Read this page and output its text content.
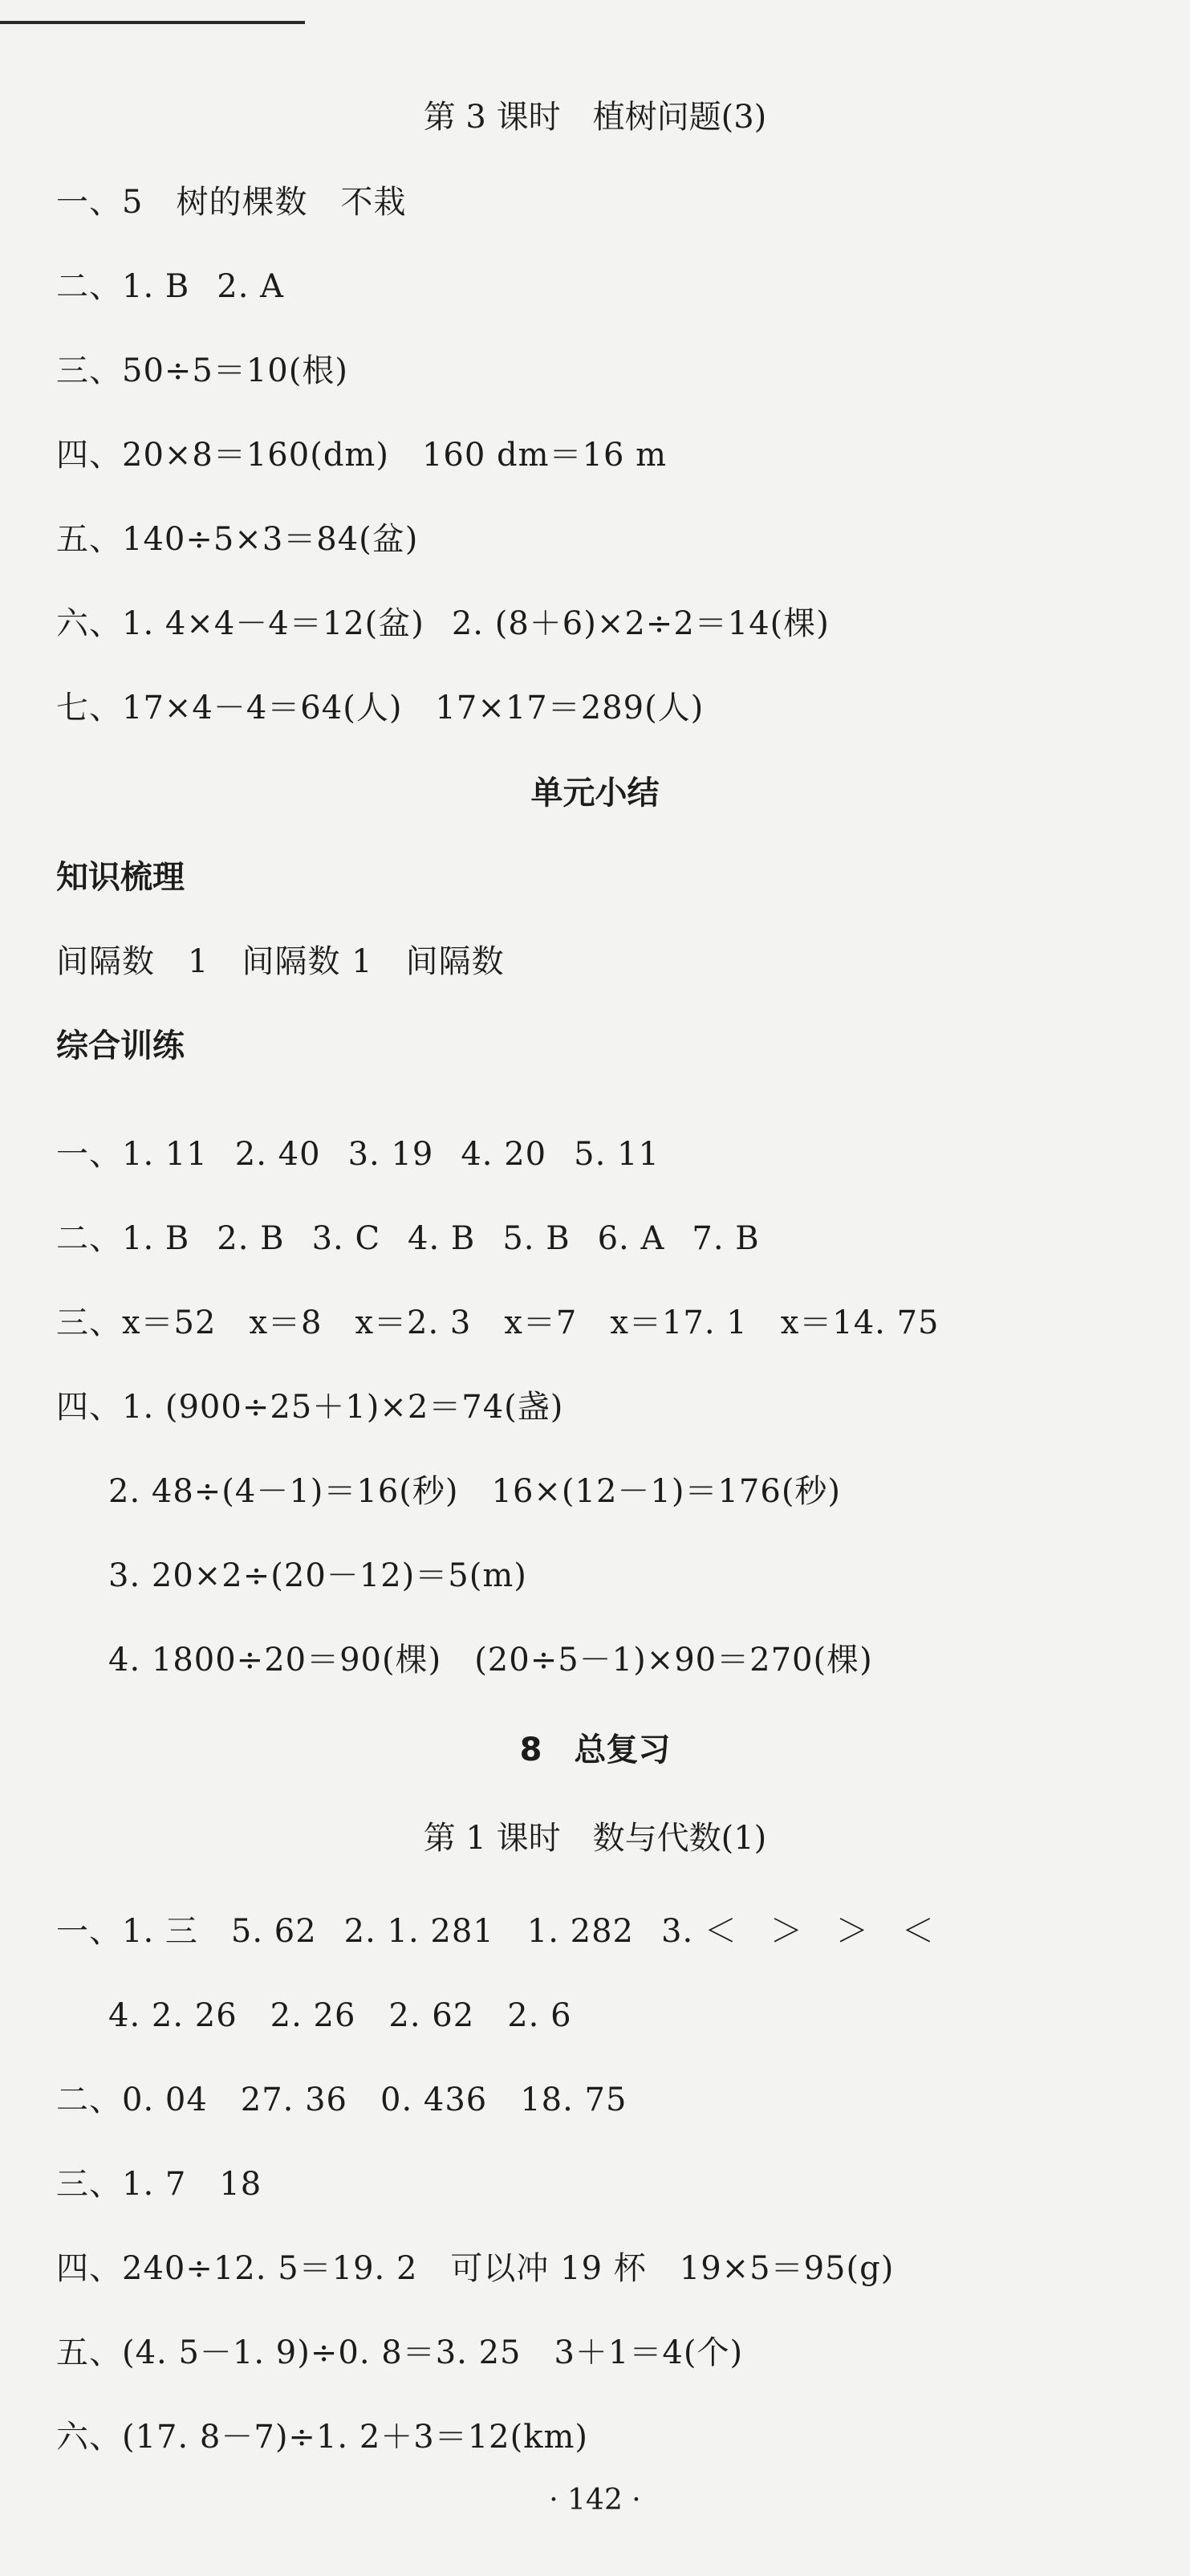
第 3 课时　植树问题(3)
一、5　树的棵数　不栽
二、1. B 2. A
三、50÷5＝10(根)
四、20×8＝160(dm)　160 dm＝16 m
五、140÷5×3＝84(盆)
六、1. 4×4－4＝12(盆) 2. (8＋6)×2÷2＝14(棵)
七、17×4－4＝64(人)　17×17＝289(人)
单元小结
知识梳理
间隔数　1　间隔数 1　间隔数
综合训练
一、1. 11 2. 40 3. 19 4. 20 5. 11
二、1. B 2. B 3. C 4. B 5. B 6. A 7. B
三、x＝52　x＝8　x＝2. 3　x＝7　x＝17. 1　x＝14. 75
四、1. (900÷25＋1)×2＝74(盏)
2. 48÷(4－1)＝16(秒)　16×(12－1)＝176(秒)
3. 20×2÷(20－12)＝5(m)
4. 1800÷20＝90(棵)　(20÷5－1)×90＝270(棵)
8　总复习
第 1 课时　数与代数(1)
一、1. 三　5. 62 2. 1. 281　1. 282 3. ＜　＞　＞　＜
4. 2. 26　2. 26　2. 62　2. 6
二、0. 04　27. 36　0. 436　18. 75
三、1. 7　18
四、240÷12. 5＝19. 2　可以冲 19 杯　19×5＝95(g)
五、(4. 5－1. 9)÷0. 8＝3. 25　3＋1＝4(个)
六、(17. 8－7)÷1. 2＋3＝12(km)
· 142 ·
